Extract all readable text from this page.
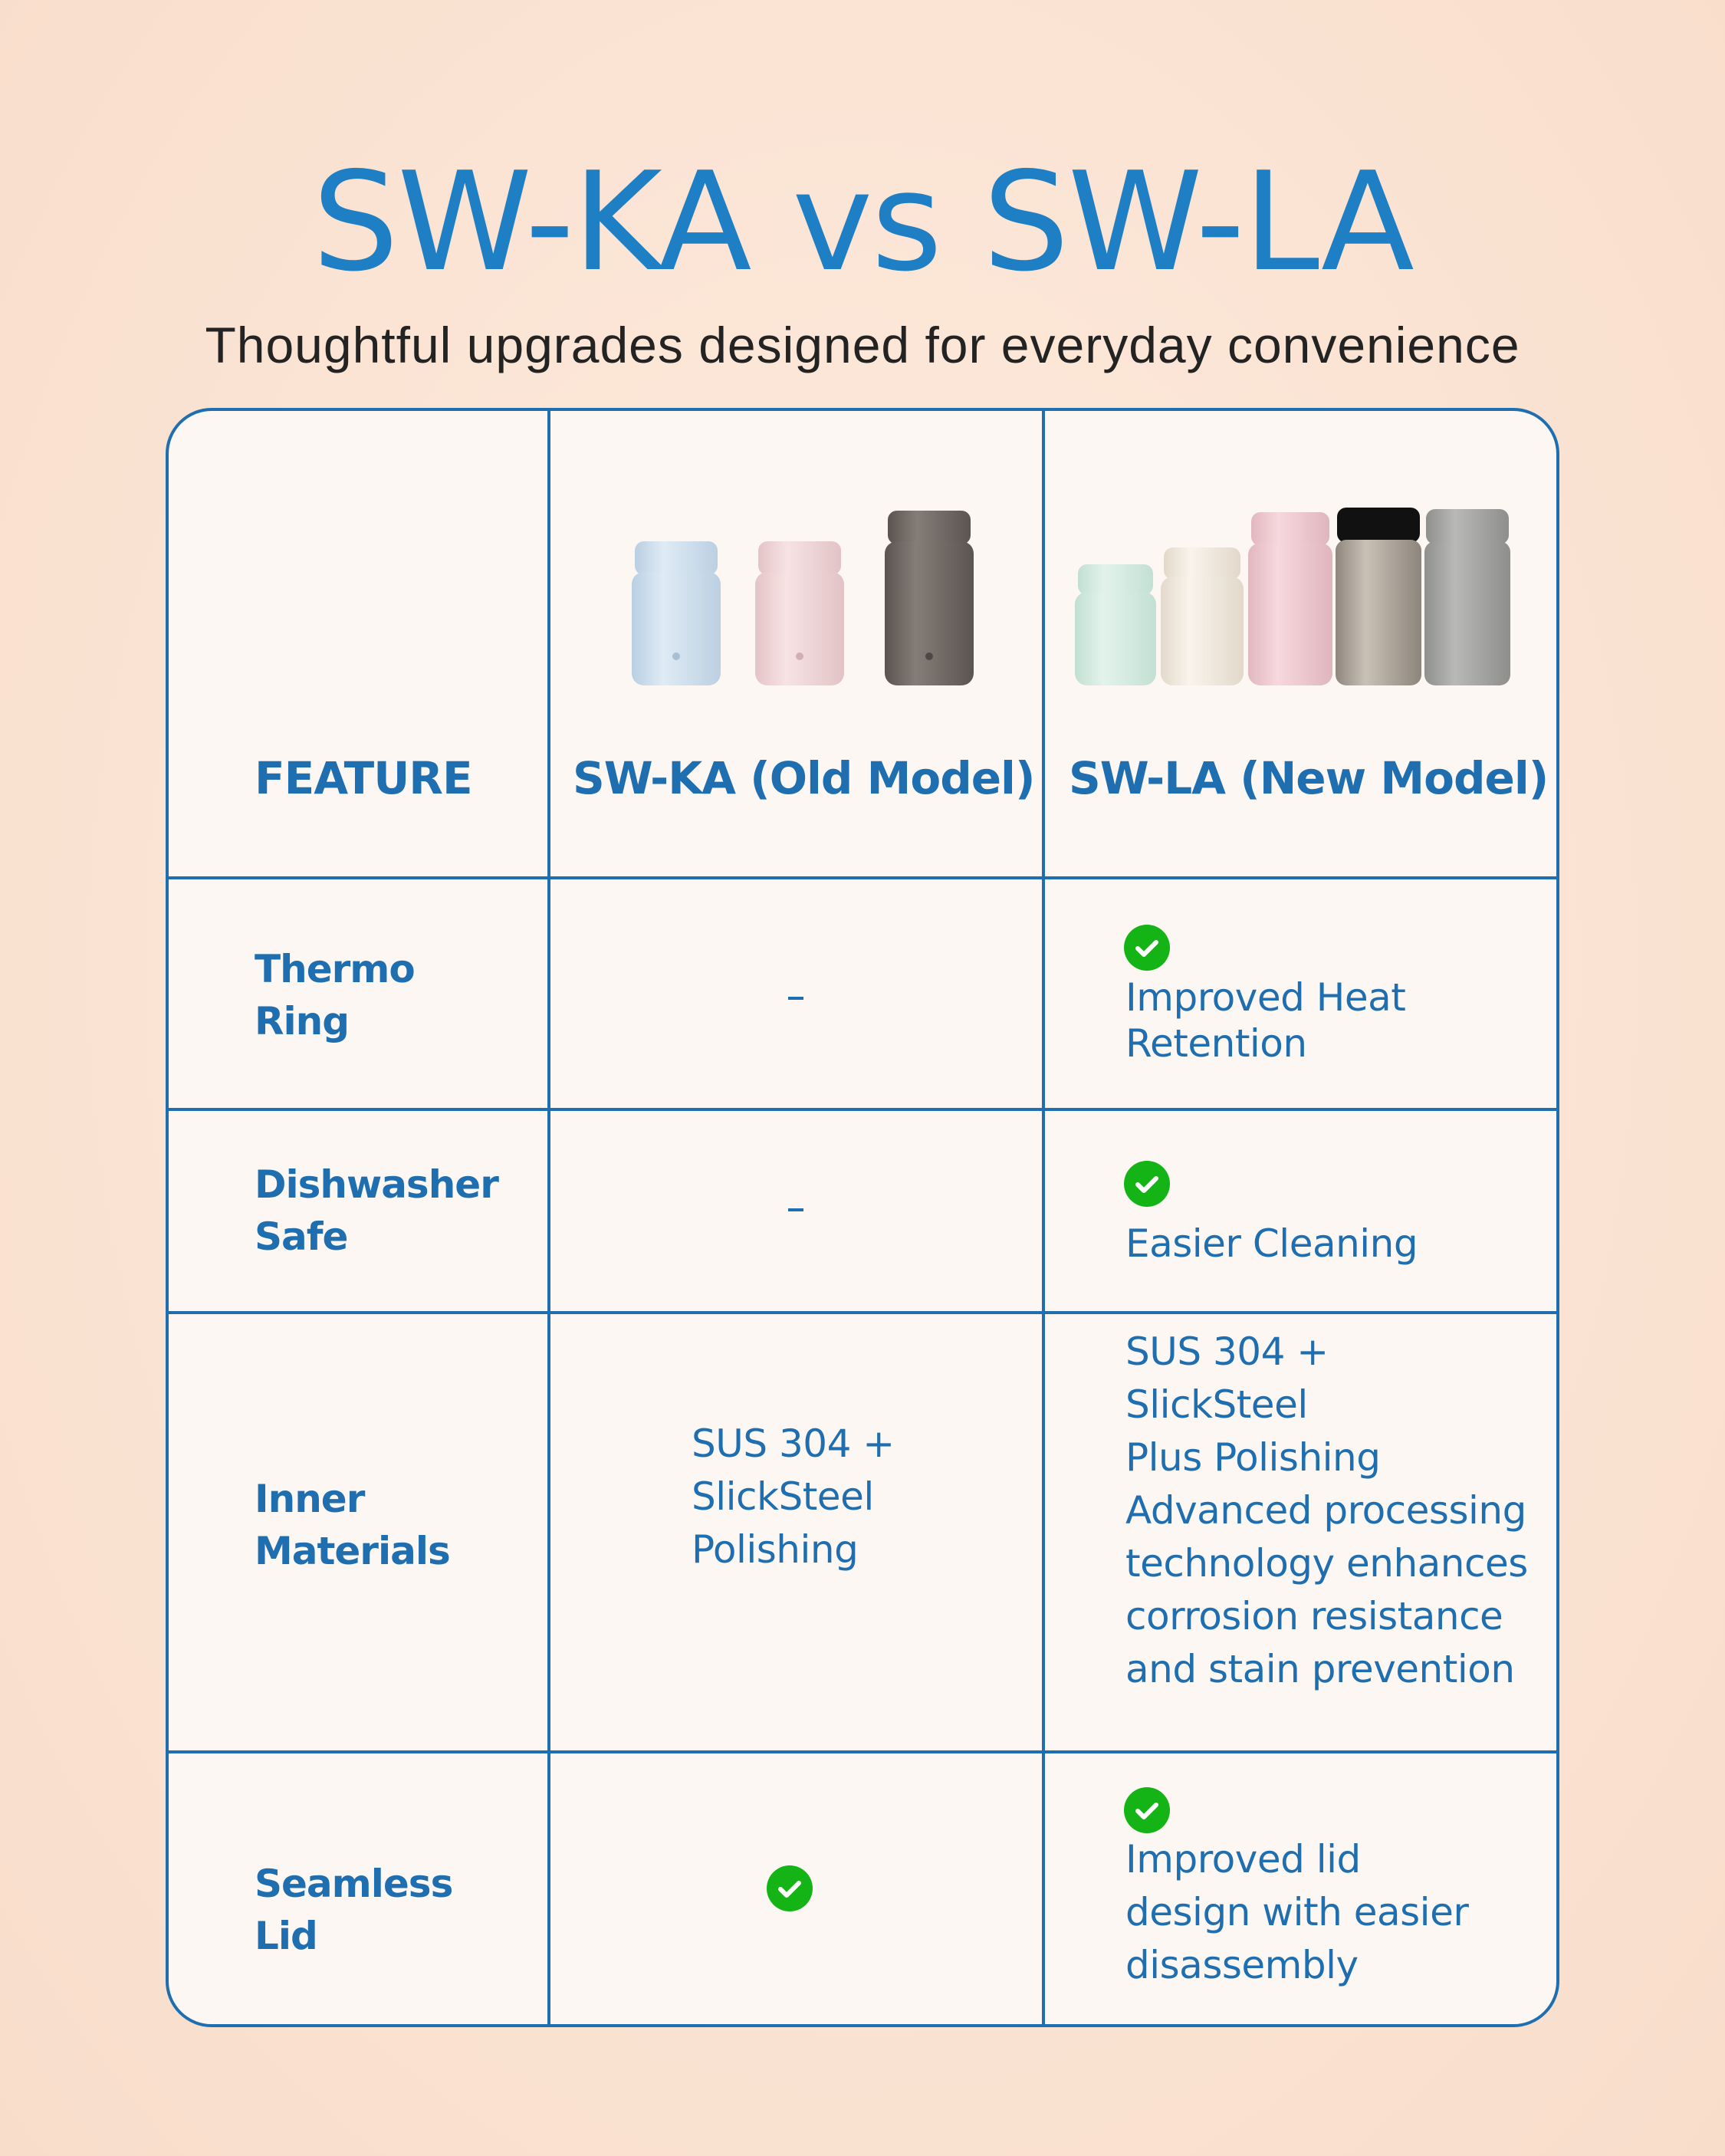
SW-KA vs SW-LA
Thoughtful upgrades designed for everyday convenience
FEATURE SW-KA (Old Model) SW-LA (New Model)
Thermo
Ring
Improved Heat
Retention
Dishwasher
Safe	Easier Cleaning
Inner
Materials
SUS 304 +
SlickSteel
Polishing
SUS 304 +
SlickSteel
Plus Polishing
Advanced processing
technology enhances
corrosion resistance
and stain prevention
Seamless
Lid
Improved lid
design with easier
disassembly
